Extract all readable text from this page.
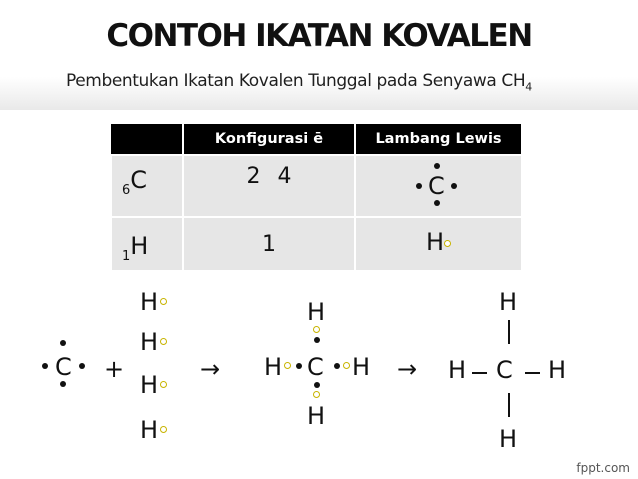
CONTOH IKATAN KOVALEN
Pembentukan Ikatan Kovalen Tunggal pada Senyawa $CH_4$
	Konfigurasi ē	Lambang Lewis

$_6$C	2 4	C

$_1$H	1	H
C +
H
H
H
H
→
H
H C H
H
→
H
H C H
H
fppt.com
